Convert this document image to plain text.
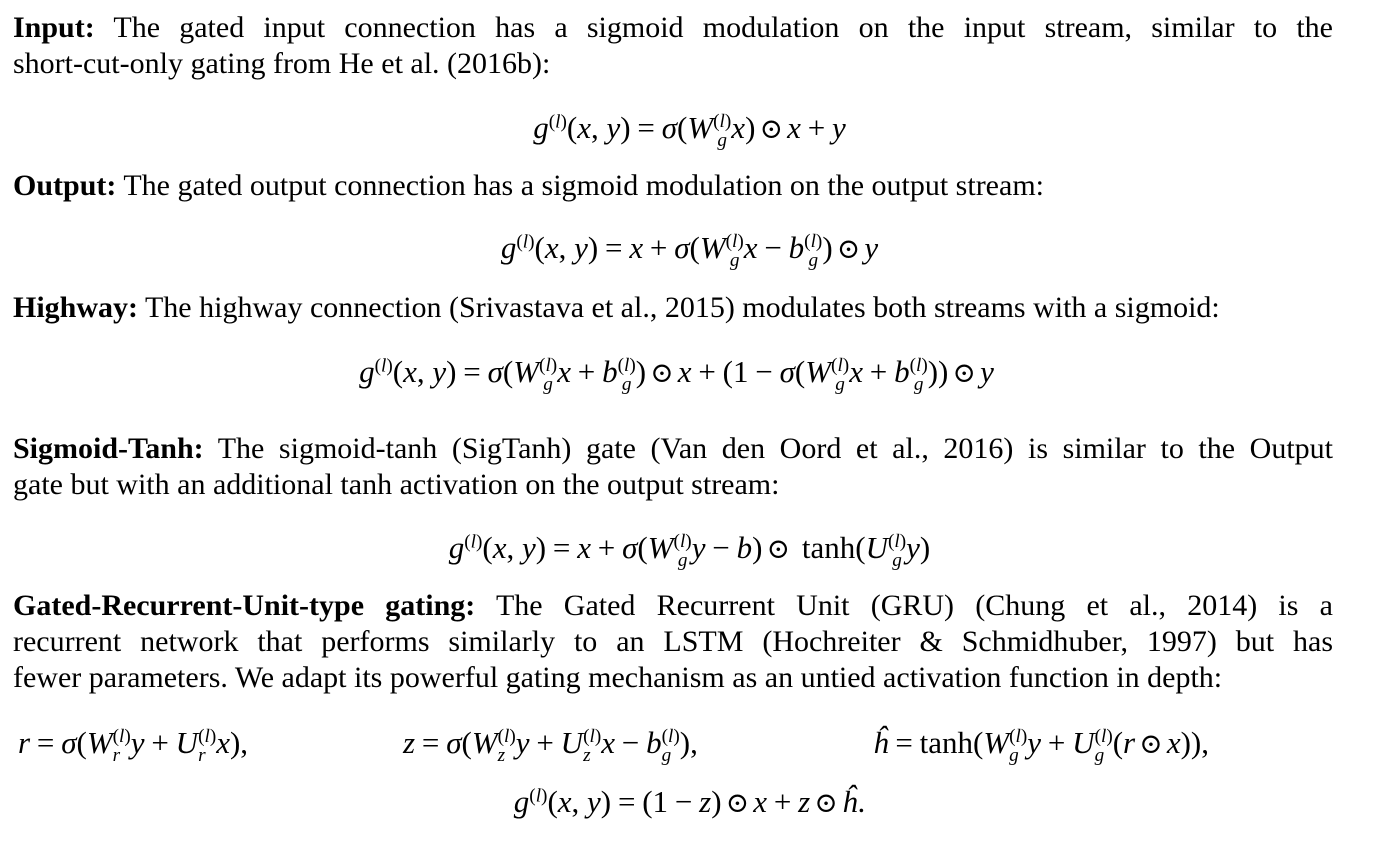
Input: The gated input connection has a sigmoid modulation on the input stream, similar to the
short-cut-only gating from He et al. (2016b):
$g^{(l)}(x$, y) = σ(W (l)
g x) ⊙ x + y
Output: The gated output connection has a sigmoid modulation on the output stream:
$g^{(l)}(x$, y) = x + σ(W (l)
g x − b (l)
g ) ⊙ y
Highway: The highway connection (Srivastava et al., 2015) modulates both streams with a sigmoid:
$g^{(l)}(x$, y) = σ(W (l)
g x + b (l)
g ) ⊙ x + (1 − σ(W (l)
g x + b (l)
g )) ⊙ y
Sigmoid-Tanh: The sigmoid-tanh (SigTanh) gate (Van den Oord et al., 2016) is similar to the Output
gate but with an additional tanh activation on the output stream:
$g^{(l)}(x$, y) = x + σ(W (l)
g y − b) ⊙ tanh(U (l)
g y)
Gated-Recurrent-Unit-type gating: The Gated Recurrent Unit (GRU) (Chung et al., 2014) is a
recurrent network that performs similarly to an LSTM (Hochreiter & Schmidhuber, 1997) but has
fewer parameters. We adapt its powerful gating mechanism as an untied activation function in depth:
r = σ(W (l)
r y + U (l)
r x),	z = σ(W (l)
z y + U (l)
z x − b (l)
g ),	ĥ = tanh(W (l)
g y + U (l)
g (r ⊙ x)),
$g^{(l)}(x$, y) = (1 − z) ⊙ x + z ⊙ ĥ.
